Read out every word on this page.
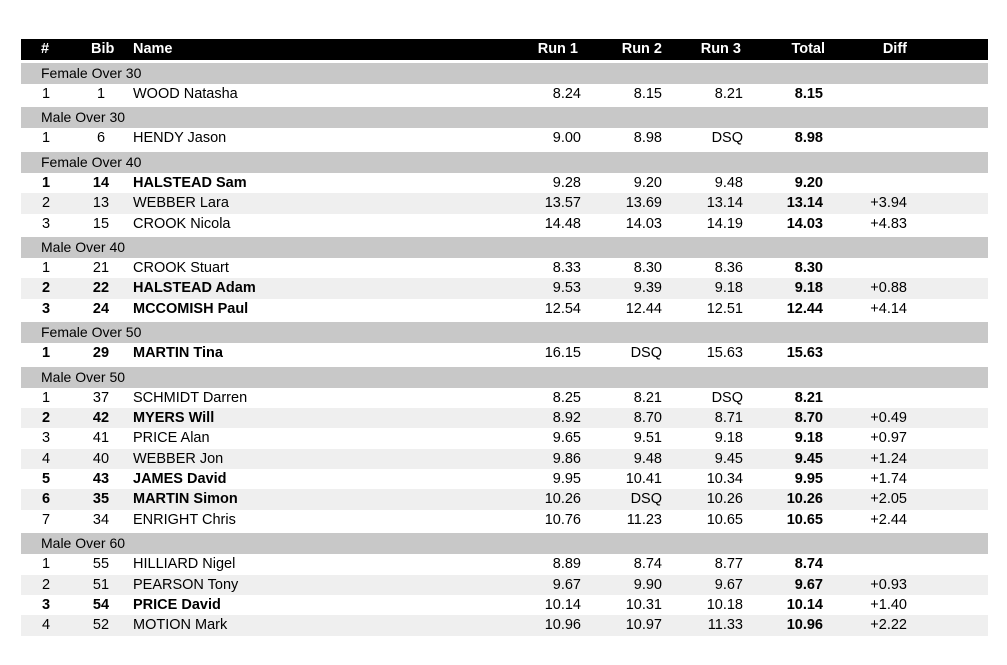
#	Bib Name	Run 1	Run 2	Run 3	Total	Diff
Female Over 30
1	1	WOOD Natasha	8.24	8.15	8.21	8.15
Male Over 30
1	6	HENDY Jason	9.00	8.98	DSQ	8.98
Female Over 40
1	14 HALSTEAD Sam	9.28	9.20	9.48	9.20
2	13 WEBBER Lara	13.57	13.69	13.14	13.14	+3.94
3	15 CROOK Nicola	14.48	14.03	14.19	14.03	+4.83
Male Over 40
1	21 CROOK Stuart	8.33	8.30	8.36	8.30
2	22 HALSTEAD Adam	9.53	9.39	9.18	9.18	+0.88
3	24 MCCOMISH Paul	12.54	12.44	12.51	12.44	+4.14
Female Over 50
1	29 MARTIN Tina	16.15	DSQ	15.63	15.63
Male Over 50
1	37 SCHMIDT Darren	8.25	8.21	DSQ	8.21
2	42 MYERS Will	8.92	8.70	8.71	8.70	+0.49
3	41 PRICE Alan	9.65	9.51	9.18	9.18	+0.97
4	40 WEBBER Jon	9.86	9.48	9.45	9.45	+1.24
5	43 JAMES David	9.95	10.41	10.34	9.95	+1.74
6	35 MARTIN Simon	10.26	DSQ	10.26	10.26	+2.05
7	34 ENRIGHT Chris	10.76	11.23	10.65	10.65	+2.44
Male Over 60
1	55 HILLIARD Nigel	8.89	8.74	8.77	8.74
2	51 PEARSON Tony	9.67	9.90	9.67	9.67	+0.93
3	54 PRICE David	10.14	10.31	10.18	10.14	+1.40
4	52 MOTION Mark	10.96	10.97	11.33	10.96	+2.22
